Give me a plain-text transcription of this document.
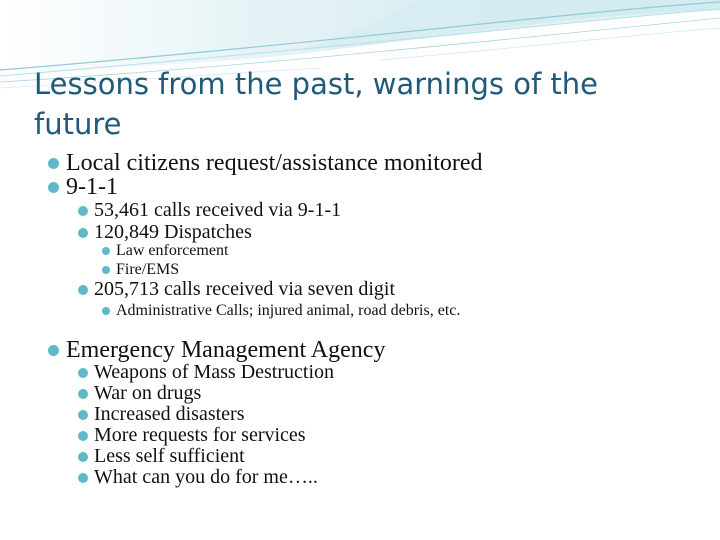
Lessons from the past, warnings of the future
Local citizens request/assistance monitored
9-1-1
53,461 calls received via 9-1-1
120,849 Dispatches
Law enforcement
Fire/EMS
205,713 calls received via seven digit
Administrative Calls; injured animal, road debris, etc.
Emergency Management Agency
Weapons of Mass Destruction
War on drugs
Increased disasters
More requests for services
Less self sufficient
What can you do for me…..
